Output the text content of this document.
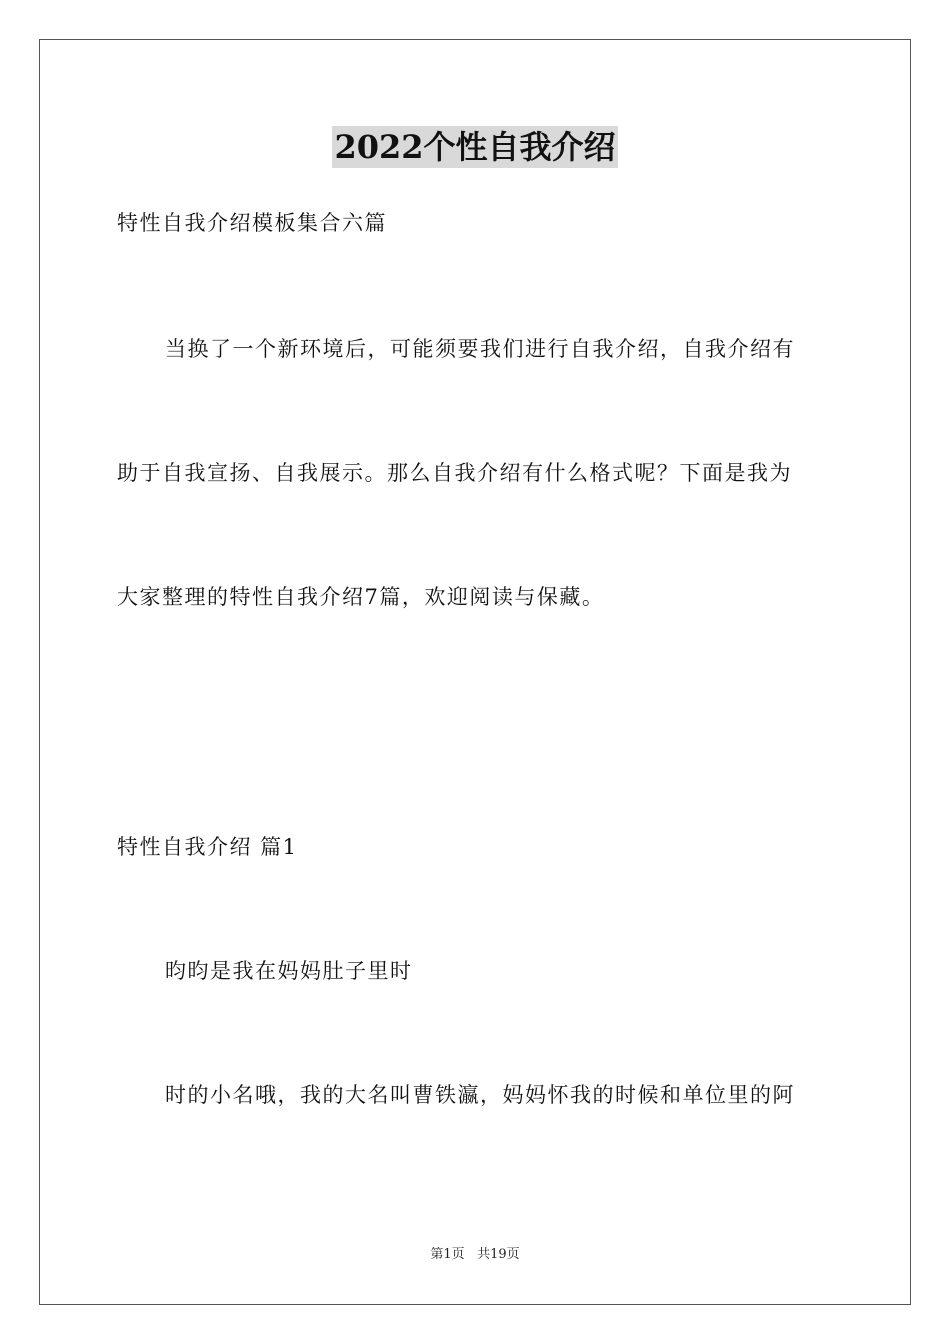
2022个性自我介绍
特性自我介绍模板集合六篇
当换了一个新环境后，可能须要我们进行自我介绍，自我介绍有
助于自我宣扬、自我展示。那么自我介绍有什么格式呢？下面是我为
大家整理的特性自我介绍7篇，欢迎阅读与保藏。
特性自我介绍 篇1
昀昀是我在妈妈肚子里时
时的小名哦，我的大名叫曹铁瀛，妈妈怀我的时候和单位里的阿
第1页 共19页
